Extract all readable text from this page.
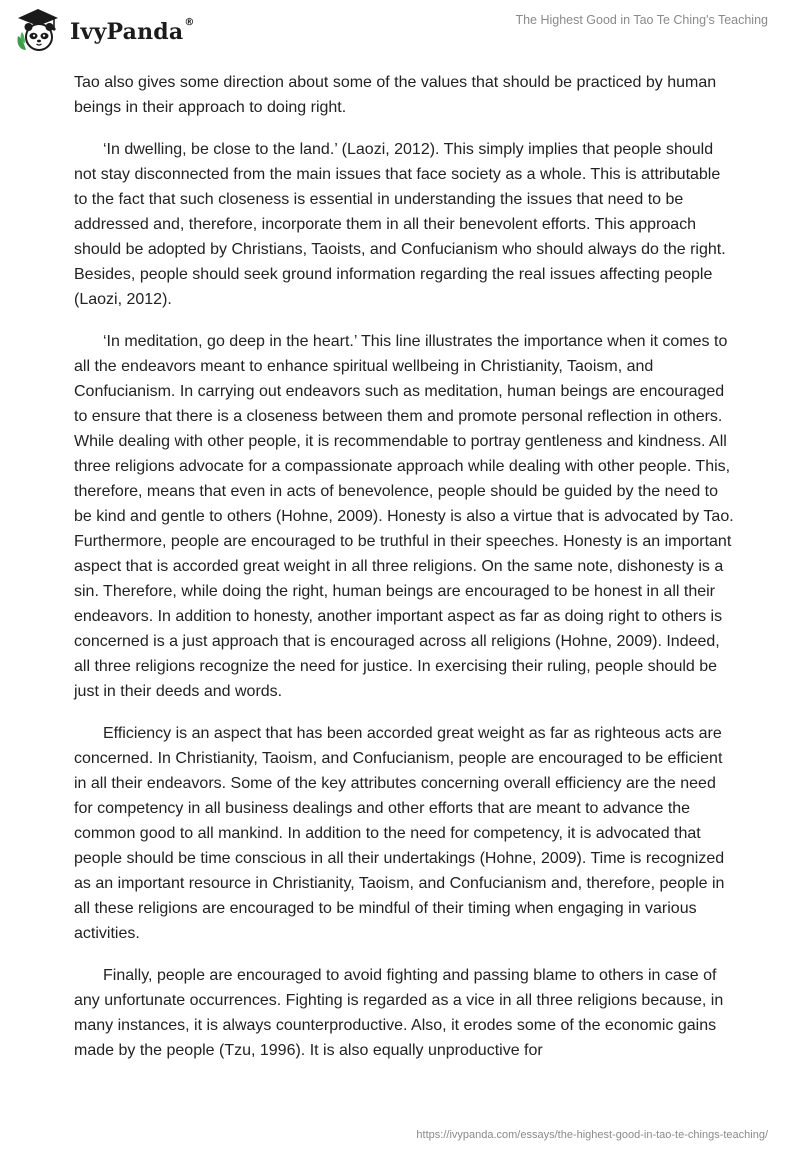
IvyPanda®	The Highest Good in Tao Te Ching's Teaching

Tao also gives some direction about some of the values that should be practiced by human beings in their approach to doing right.

‘In dwelling, be close to the land.’ (Laozi, 2012). This simply implies that people should not stay disconnected from the main issues that face society as a whole. This is attributable to the fact that such closeness is essential in understanding the issues that need to be addressed and, therefore, incorporate them in all their benevolent efforts. This approach should be adopted by Christians, Taoists, and Confucianism who should always do the right. Besides, people should seek ground information regarding the real issues affecting people (Laozi, 2012).

‘In meditation, go deep in the heart.’ This line illustrates the importance when it comes to all the endeavors meant to enhance spiritual wellbeing in Christianity, Taoism, and Confucianism. In carrying out endeavors such as meditation, human beings are encouraged to ensure that there is a closeness between them and promote personal reflection in others. While dealing with other people, it is recommendable to portray gentleness and kindness. All three religions advocate for a compassionate approach while dealing with other people. This, therefore, means that even in acts of benevolence, people should be guided by the need to be kind and gentle to others (Hohne, 2009). Honesty is also a virtue that is advocated by Tao. Furthermore, people are encouraged to be truthful in their speeches. Honesty is an important aspect that is accorded great weight in all three religions. On the same note, dishonesty is a sin. Therefore, while doing the right, human beings are encouraged to be honest in all their endeavors. In addition to honesty, another important aspect as far as doing right to others is concerned is a just approach that is encouraged across all religions (Hohne, 2009). Indeed, all three religions recognize the need for justice. In exercising their ruling, people should be just in their deeds and words.

Efficiency is an aspect that has been accorded great weight as far as righteous acts are concerned. In Christianity, Taoism, and Confucianism, people are encouraged to be efficient in all their endeavors. Some of the key attributes concerning overall efficiency are the need for competency in all business dealings and other efforts that are meant to advance the common good to all mankind. In addition to the need for competency, it is advocated that people should be time conscious in all their undertakings (Hohne, 2009). Time is recognized as an important resource in Christianity, Taoism, and Confucianism and, therefore, people in all these religions are encouraged to be mindful of their timing when engaging in various activities.

Finally, people are encouraged to avoid fighting and passing blame to others in case of any unfortunate occurrences. Fighting is regarded as a vice in all three religions because, in many instances, it is always counterproductive. Also, it erodes some of the economic gains made by the people (Tzu, 1996). It is also equally unproductive for

https://ivypanda.com/essays/the-highest-good-in-tao-te-chings-teaching/
